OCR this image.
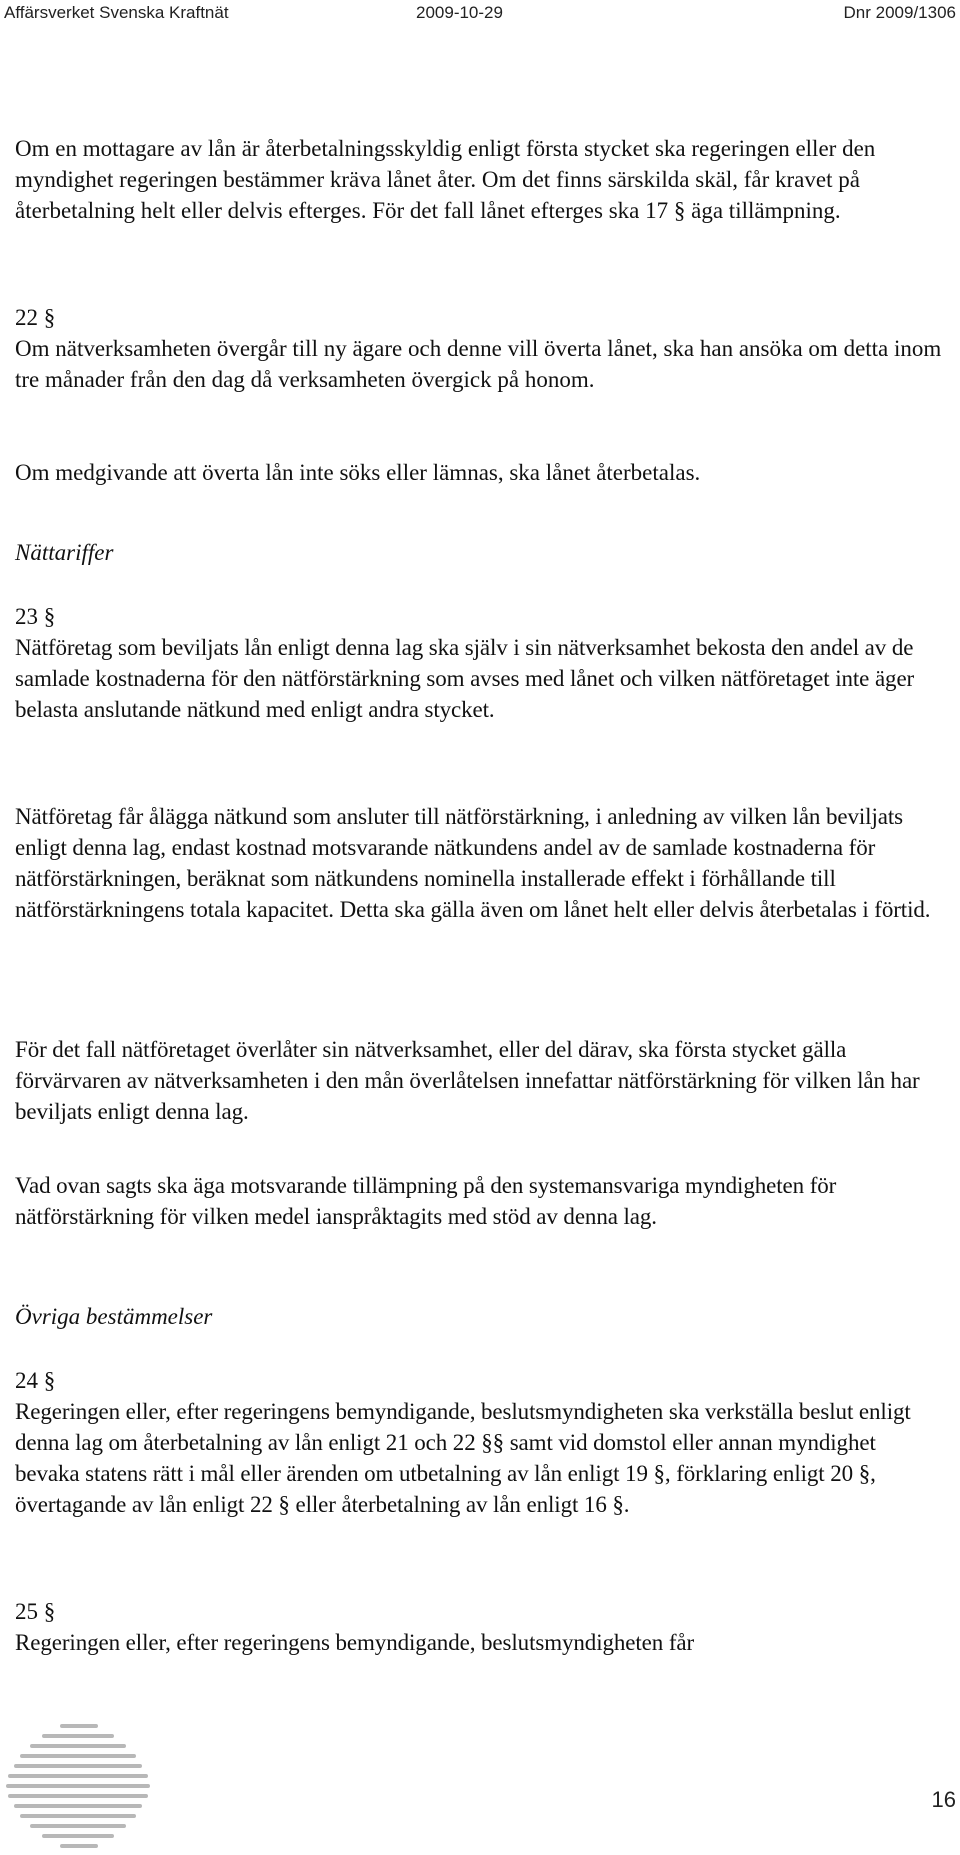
Affärsverket Svenska Kraftnät	2009-10-29	Dnr 2009/1306

Om en mottagare av lån är återbetalningsskyldig enligt första stycket ska regeringen eller den myndighet regeringen bestämmer kräva lånet åter. Om det finns särskilda skäl, får kravet på återbetalning helt eller delvis efterges. För det fall lånet efterges ska 17 § äga tillämpning.

22 §

Om nätverksamheten övergår till ny ägare och denne vill överta lånet, ska han ansöka om detta inom tre månader från den dag då verksamheten övergick på honom.

Om medgivande att överta lån inte söks eller lämnas, ska lånet återbetalas.

Nättariffer

23 §

Nätföretag som beviljats lån enligt denna lag ska själv i sin nätverksamhet bekosta den andel av de samlade kostnaderna för den nätförstärkning som avses med lånet och vilken nätföretaget inte äger belasta anslutande nätkund med enligt andra stycket.

Nätföretag får ålägga nätkund som ansluter till nätförstärkning, i anledning av vilken lån beviljats enligt denna lag, endast kostnad motsvarande nätkundens andel av de samlade kostnaderna för nätförstärkningen, beräknat som nätkundens nominella installerade effekt i förhållande till nätförstärkningens totala kapacitet. Detta ska gälla även om lånet helt eller delvis återbetalas i förtid.

För det fall nätföretaget överlåter sin nätverksamhet, eller del därav, ska första stycket gälla förvärvaren av nätverksamheten i den mån överlåtelsen innefattar nätförstärkning för vilken lån har beviljats enligt denna lag.

Vad ovan sagts ska äga motsvarande tillämpning på den systemansvariga myndigheten för nätförstärkning för vilken medel ianspråktagits med stöd av denna lag.

Övriga bestämmelser

24 §

Regeringen eller, efter regeringens bemyndigande, beslutsmyndigheten ska verkställa beslut enligt denna lag om återbetalning av lån enligt 21 och 22 §§ samt vid domstol eller annan myndighet bevaka statens rätt i mål eller ärenden om utbetalning av lån enligt 19 §, förklaring enligt 20 §, övertagande av lån enligt 22 § eller återbetalning av lån enligt 16 §.

25 §

Regeringen eller, efter regeringens bemyndigande, beslutsmyndigheten får

16
